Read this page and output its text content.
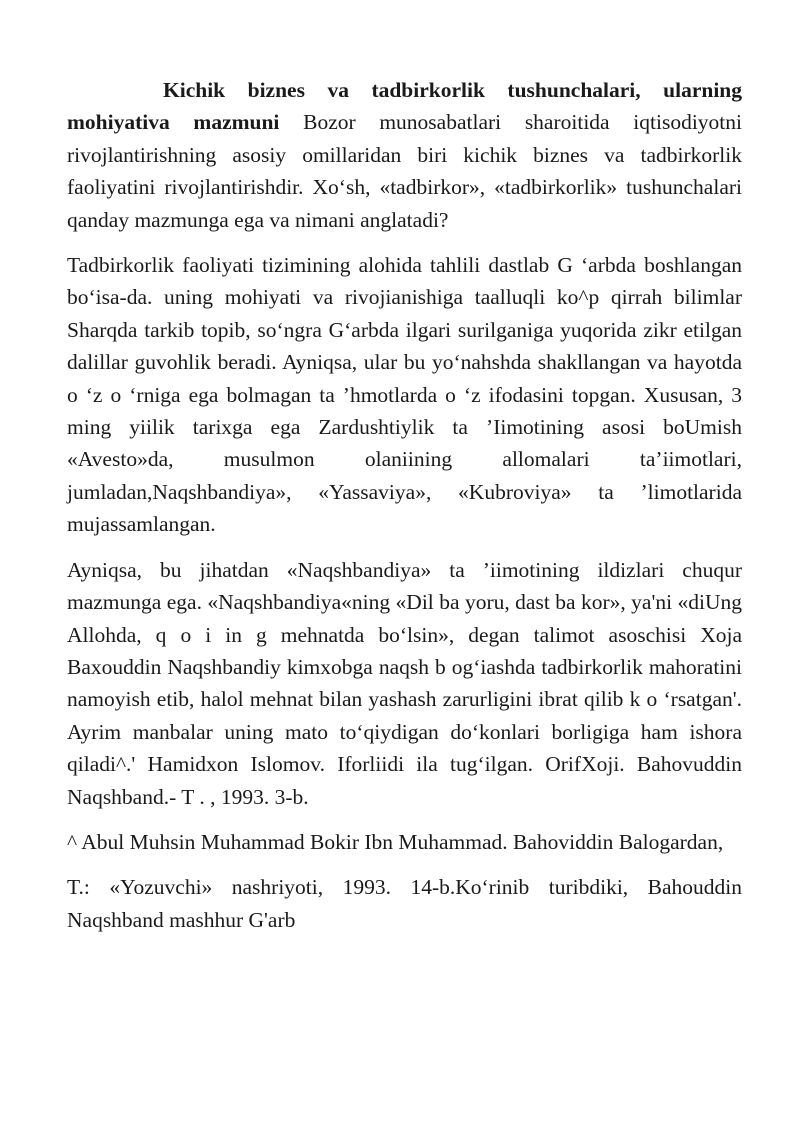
Kichik biznes va tadbirkorlik tushunchalari, ularning mohiyativa mazmuni Bozor munosabatlari sharoitida iqtisodiyotni rivojlantirishning asosiy omillaridan biri kichik biznes va tadbirkorlik faoliyatini rivojlantirishdir. Xo‘sh, «tadbirkor», «tadbirkorlik» tushunchalari qanday mazmunga ega va nimani anglatadi?

Tadbirkorlik faoliyati tizimining alohida tahlili dastlab G ‘arbda boshlangan bo‘isa-da. uning mohiyati va rivojianishiga taalluqli ko^p qirrah bilimlar Sharqda tarkib topib, so‘ngra G‘arbda ilgari surilganiga yuqorida zikr etilgan dalillar guvohlik beradi. Ayniqsa, ular bu yo‘nahshda shakllangan va hayotda o ‘z o ‘rniga ega bolmagan ta ’hmotlarda o ‘z ifodasini topgan. Xususan, 3 ming yiilik tarixga ega Zardushtiylik ta ’Iimotining asosi boUmish «Avesto»da, musulmon olaniining allomalari ta’iimotlari, jumladan,Naqshbandiya», «Yassaviya», «Kubroviya» ta ’limotlarida mujassamlangan.

Ayniqsa, bu jihatdan «Naqshbandiya» ta ’iimotining ildizlari chuqur mazmunga ega. «Naqshbandiya«ning «Dil ba yoru, dast ba kor», ya'ni «diUng Allohda, q o i in g mehnatda bo‘lsin», degan talimot asoschisi Xoja Baxouddin Naqshbandiy kimxobga naqsh b og‘iashda tadbirkorlik mahoratini namoyish etib, halol mehnat bilan yashash zarurligini ibrat qilib k o ‘rsatgan'. Ayrim manbalar uning mato to‘qiydigan do‘konlari borligiga ham ishora qiladi^.' Hamidxon Islomov. Iforliidi ila tug‘ilgan. OrifXoji. Bahovuddin Naqshband.- T . , 1993. 3-b.

^ Abul Muhsin Muhammad Bokir Ibn Muhammad. Bahoviddin Balogardan,

T.: «Yozuvchi» nashriyoti, 1993. 14-b.Ko‘rinib turibdiki, Bahouddin Naqshband mashhur G'arb
